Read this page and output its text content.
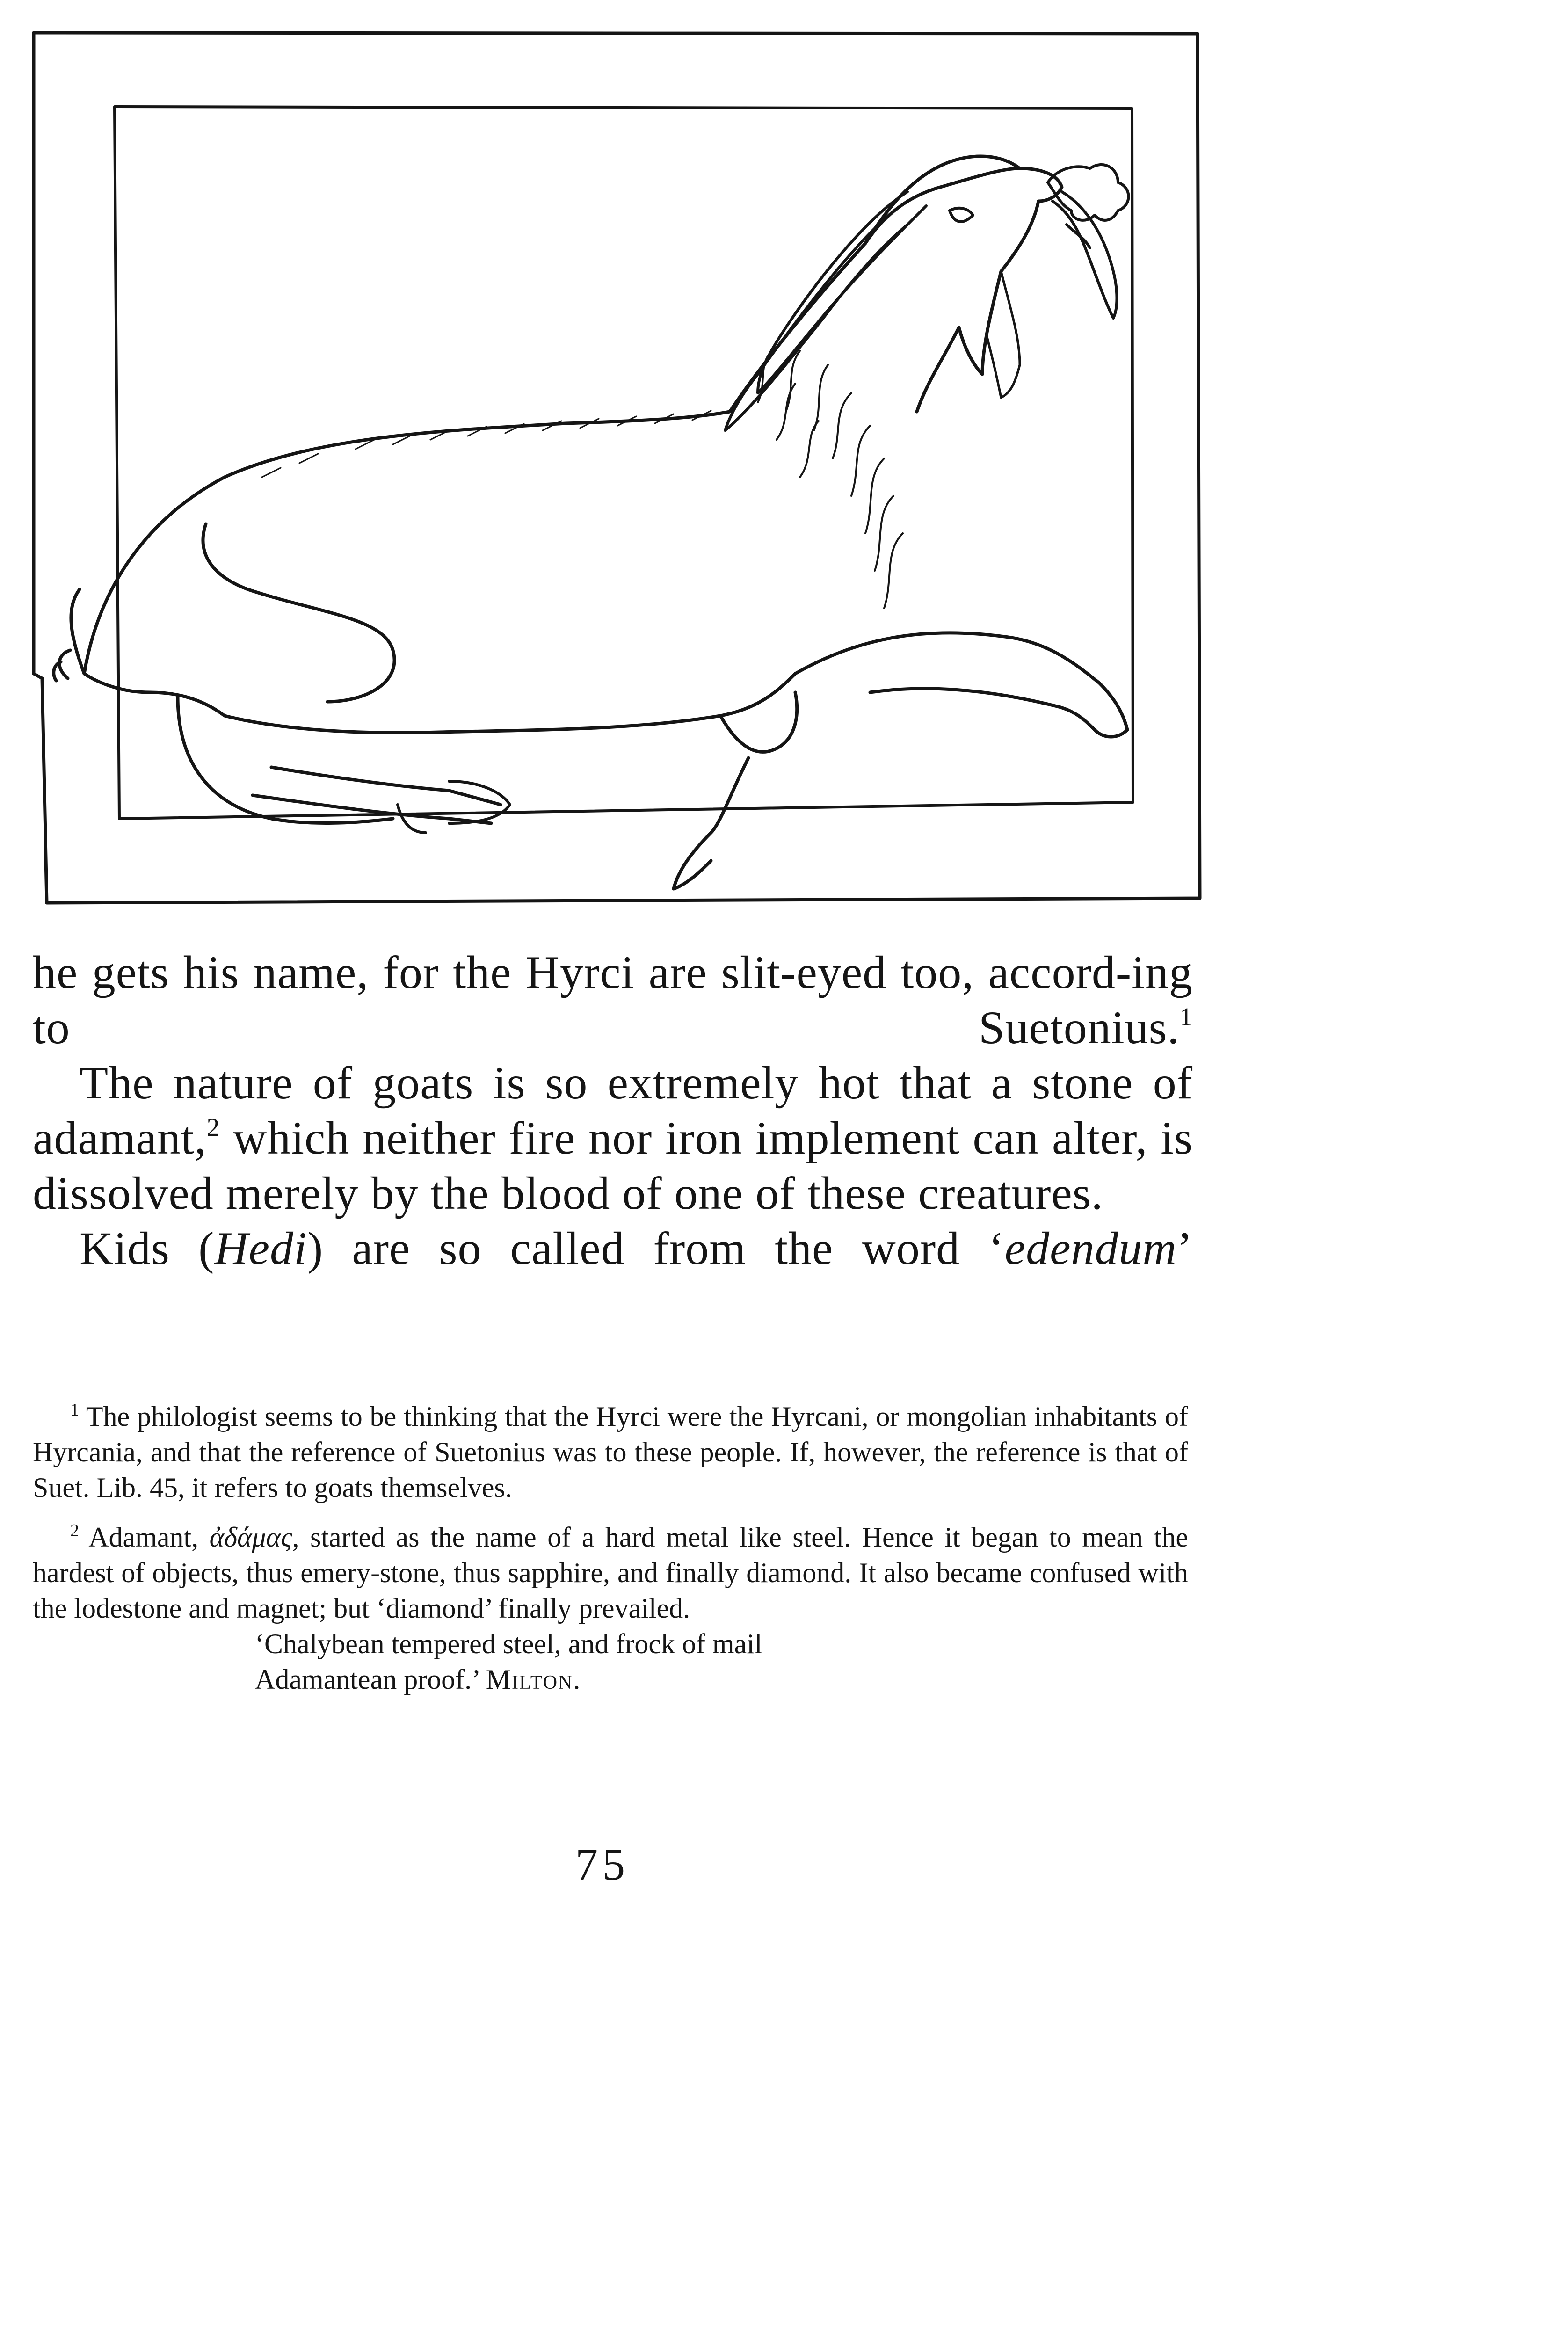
he gets his name, for the Hyrci are slit-eyed too, accord-ing to Suetonius.$^1$

The nature of goats is so extremely hot that a stone of adamant,$^2$ which neither fire nor iron implement can alter, is dissolved merely by the blood of one of these creatures.

Kids (Hedi) are so called from the word ‘edendum’

$^1$ The philologist seems to be thinking that the Hyrci were the Hyrcani, or mongolian inhabitants of Hyrcania, and that the reference of Suetonius was to these people. If, however, the reference is that of Suet. Lib. 45, it refers to goats themselves.

$^2$ Adamant, ἀδάμας, started as the name of a hard metal like steel. Hence it began to mean the hardest of objects, thus emery-stone, thus sapphire, and finally diamond. It also became confused with the lodestone and magnet; but ‘diamond’ finally prevailed.

‘Chalybean tempered steel, and frock of mail

Adamantean proof.’ Milton.

75
